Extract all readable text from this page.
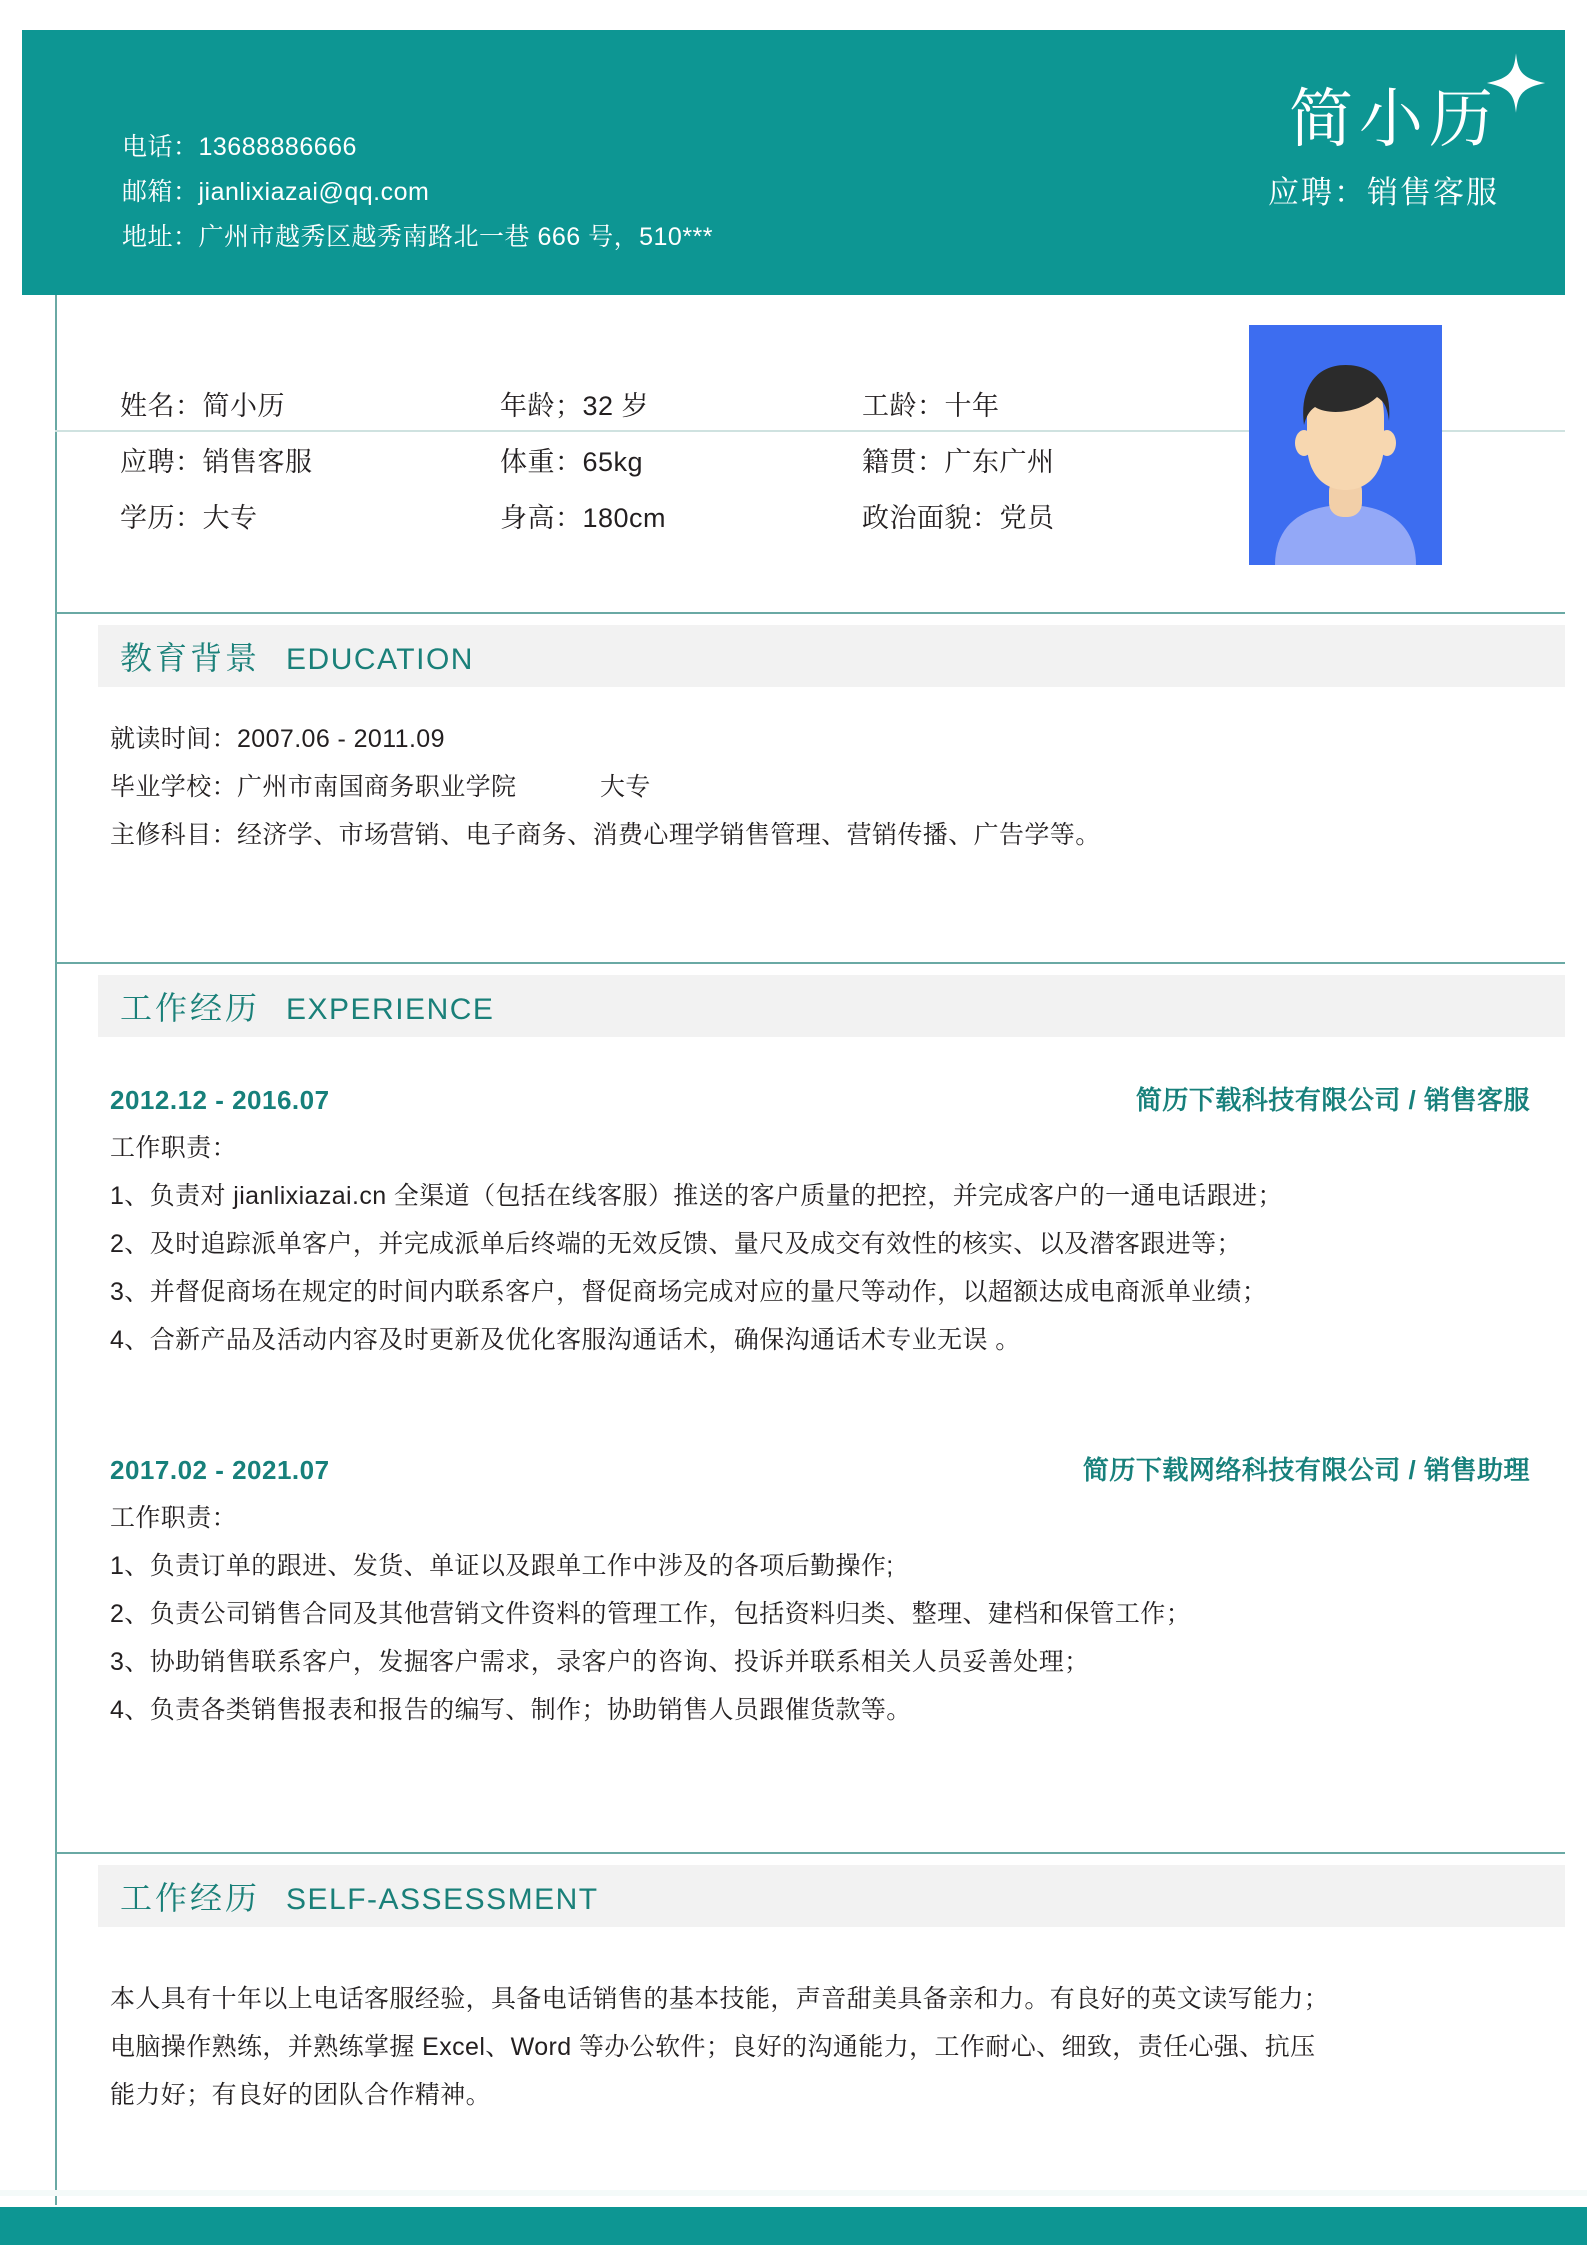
电话：13688886666
邮箱：jianlixiazai@qq.com
地址：广州市越秀区越秀南路北一巷 666 号，510***
简小历
应聘：销售客服
姓名：简小历	年龄；32 岁	工龄：十年
应聘：销售客服	体重：65kg	籍贯：广东广州
学历：大专	身高：180cm	政治面貌：党员
教育背景 EDUCATION
就读时间：2007.06 - 2011.09
毕业学校：广州市南国商务职业学院　　　 大专
主修科目：经济学、市场营销、电子商务、消费心理学销售管理、营销传播、广告学等。
工作经历 EXPERIENCE
2012.12 - 2016.07	简历下载科技有限公司 / 销售客服
工作职责：
1、负责对 jianlixiazai.cn 全渠道（包括在线客服）推送的客户质量的把控，并完成客户的一通电话跟进；
2、及时追踪派单客户，并完成派单后终端的无效反馈、量尺及成交有效性的核实、以及潜客跟进等；
3、并督促商场在规定的时间内联系客户，督促商场完成对应的量尺等动作，以超额达成电商派单业绩；
4、合新产品及活动内容及时更新及优化客服沟通话术，确保沟通话术专业无误 。
2017.02 - 2021.07	简历下载网络科技有限公司 / 销售助理
工作职责：
1、负责订单的跟进、发货、单证以及跟单工作中涉及的各项后勤操作;
2、负责公司销售合同及其他营销文件资料的管理工作，包括资料归类、整理、建档和保管工作；
3、协助销售联系客户，发掘客户需求，录客户的咨询、投诉并联系相关人员妥善处理；
4、负责各类销售报表和报告的编写、制作；协助销售人员跟催货款等。
工作经历 SELF-ASSESSMENT
本人具有十年以上电话客服经验，具备电话销售的基本技能，声音甜美具备亲和力。有良好的英文读写能力；
电脑操作熟练，并熟练掌握 Excel、Word 等办公软件；良好的沟通能力，工作耐心、细致，责任心强、抗压
能力好；有良好的团队合作精神。
